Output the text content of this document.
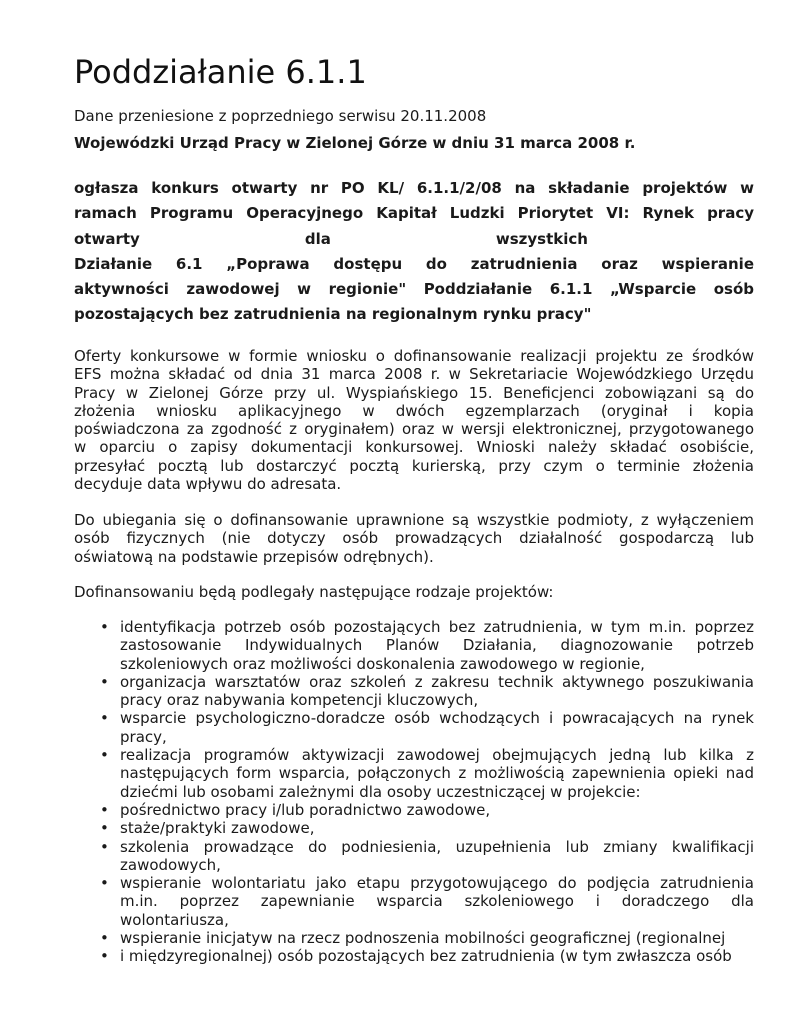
Poddziałanie 6.1.1
Dane przeniesione z poprzedniego serwisu 20.11.2008
Wojewódzki Urząd Pracy w Zielonej Górze w dniu 31 marca 2008 r.
ogłasza konkurs otwarty nr PO KL/ 6.1.1/2/08 na składanie projektów w
ramach Programu Operacyjnego Kapitał Ludzki Priorytet VI: Rynek pracy
otwarty	dla	wszystkich
Działanie 6.1 „Poprawa dostępu do zatrudnienia oraz wspieranie
aktywności zawodowej w regionie" Poddziałanie 6.1.1 „Wsparcie osób
pozostających bez zatrudnienia na regionalnym rynku pracy"
Oferty konkursowe w formie wniosku o dofinansowanie realizacji projektu ze środków
EFS można składać od dnia 31 marca 2008 r. w Sekretariacie Wojewódzkiego Urzędu
Pracy w Zielonej Górze przy ul. Wyspiańskiego 15. Beneficjenci zobowiązani są do
złożenia wniosku aplikacyjnego w dwóch egzemplarzach (oryginał i kopia
poświadczona za zgodność z oryginałem) oraz w wersji elektronicznej, przygotowanego
w oparciu o zapisy dokumentacji konkursowej. Wnioski należy składać osobiście,
przesyłać pocztą lub dostarczyć pocztą kurierską, przy czym o terminie złożenia
decyduje data wpływu do adresata.
Do ubiegania się o dofinansowanie uprawnione są wszystkie podmioty, z wyłączeniem
osób fizycznych (nie dotyczy osób prowadzących działalność gospodarczą lub
oświatową na podstawie przepisów odrębnych).
Dofinansowaniu będą podlegały następujące rodzaje projektów:
• identyfikacja potrzeb osób pozostających bez zatrudnienia, w tym m.in. poprzez
zastosowanie Indywidualnych Planów Działania, diagnozowanie potrzeb
szkoleniowych oraz możliwości doskonalenia zawodowego w regionie,
• organizacja warsztatów oraz szkoleń z zakresu technik aktywnego poszukiwania
pracy oraz nabywania kompetencji kluczowych,
• wsparcie psychologiczno-doradcze osób wchodzących i powracających na rynek
pracy,
• realizacja programów aktywizacji zawodowej obejmujących jedną lub kilka z
następujących form wsparcia, połączonych z możliwością zapewnienia opieki nad
dziećmi lub osobami zależnymi dla osoby uczestniczącej w projekcie:
• pośrednictwo pracy i/lub poradnictwo zawodowe,
• staże/praktyki zawodowe,
• szkolenia prowadzące do podniesienia, uzupełnienia lub zmiany kwalifikacji
zawodowych,
• wspieranie wolontariatu jako etapu przygotowującego do podjęcia zatrudnienia
m.in. poprzez zapewnianie wsparcia szkoleniowego i doradczego dla
wolontariusza,
• wspieranie inicjatyw na rzecz podnoszenia mobilności geograficznej (regionalnej
• i międzyregionalnej) osób pozostających bez zatrudnienia (w tym zwłaszcza osób
